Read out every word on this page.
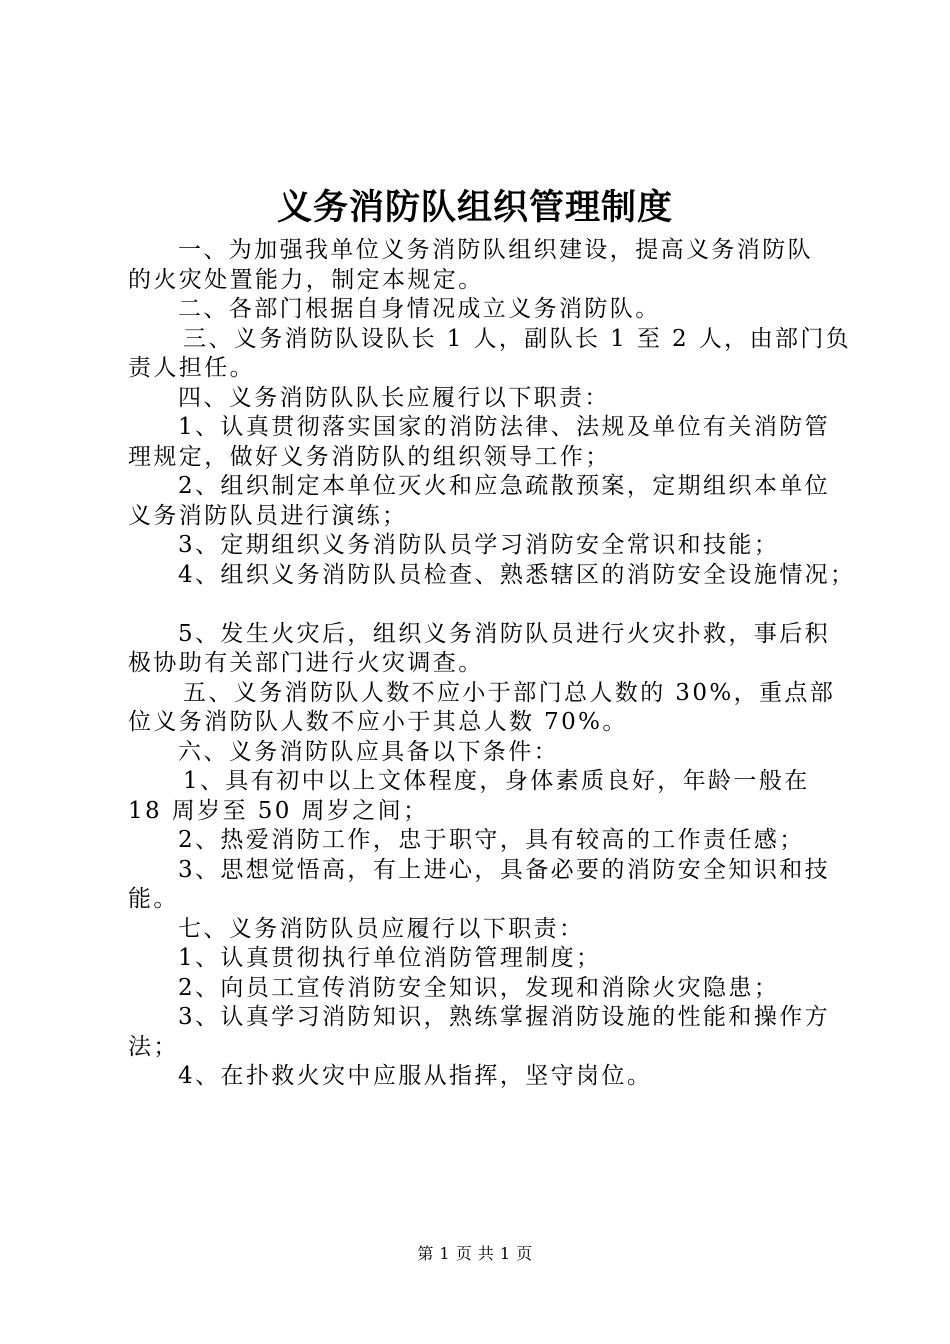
义务消防队组织管理制度
一、为加强我单位义务消防队组织建设，提高义务消防队
的火灾处置能力，制定本规定。
二、各部门根据自身情况成立义务消防队。
三、义务消防队设队长 1 人，副队长 1 至 2 人，由部门负
责人担任。
四、义务消防队队长应履行以下职责：
1、认真贯彻落实国家的消防法律、法规及单位有关消防管
理规定，做好义务消防队的组织领导工作；
2、组织制定本单位灭火和应急疏散预案，定期组织本单位
义务消防队员进行演练；
3、定期组织义务消防队员学习消防安全常识和技能；
4、组织义务消防队员检查、熟悉辖区的消防安全设施情况；
5、发生火灾后，组织义务消防队员进行火灾扑救，事后积
极协助有关部门进行火灾调查。
五、义务消防队人数不应小于部门总人数的 30%，重点部
位义务消防队人数不应小于其总人数 70%。
六、义务消防队应具备以下条件：
1、具有初中以上文体程度，身体素质良好，年龄一般在
18 周岁至 50 周岁之间；
2、热爱消防工作，忠于职守，具有较高的工作责任感；
3、思想觉悟高，有上进心，具备必要的消防安全知识和技
能。
七、义务消防队员应履行以下职责：
1、认真贯彻执行单位消防管理制度；
2、向员工宣传消防安全知识，发现和消除火灾隐患；
3、认真学习消防知识，熟练掌握消防设施的性能和操作方
法；
4、在扑救火灾中应服从指挥，坚守岗位。
第 1 页 共 1 页
